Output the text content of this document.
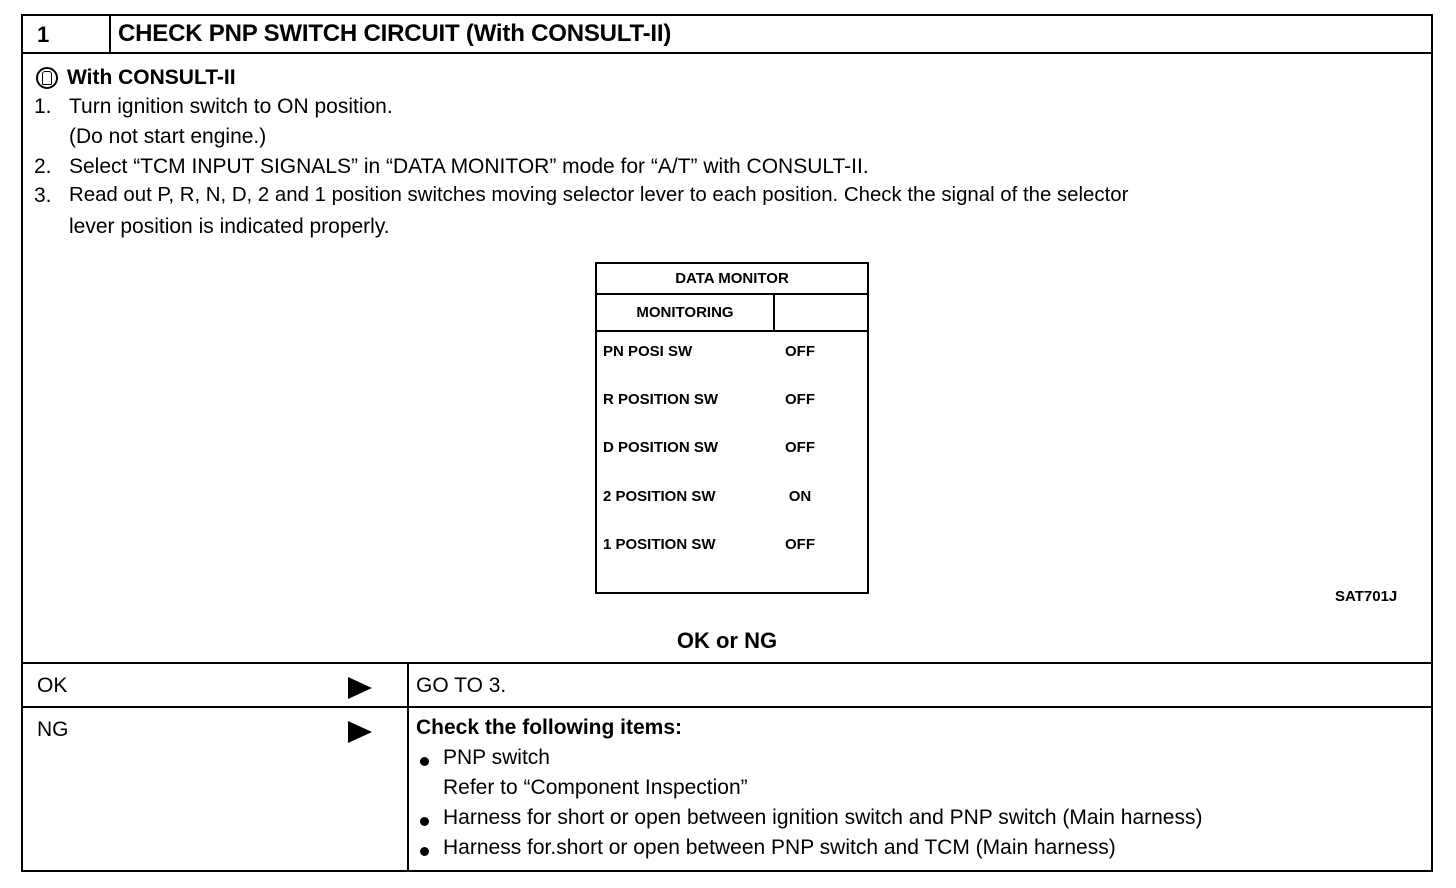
1	CHECK PNP SWITCH CIRCUIT (With CONSULT-II)
With CONSULT-II
1. Turn ignition switch to ON position.
(Do not start engine.)
2. Select “TCM INPUT SIGNALS” in “DATA MONITOR” mode for “A/T” with CONSULT-II.
3. Read out P, R, N, D, 2 and 1 position switches moving selector lever to each position. Check the signal of the selector
lever position is indicated properly.
DATA MONITOR
MONITORING
PN POSI SW	OFF
R POSITION SW	OFF
D POSITION SW	OFF
2 POSITION SW	ON
1 POSITION SW	OFF
SAT701J
OK or NG
OK	GO TO 3.
NG	Check the following items:
PNP switch
Refer to “Component Inspection”
Harness for short or open between ignition switch and PNP switch (Main harness)
Harness for.short or open between PNP switch and TCM (Main harness)
